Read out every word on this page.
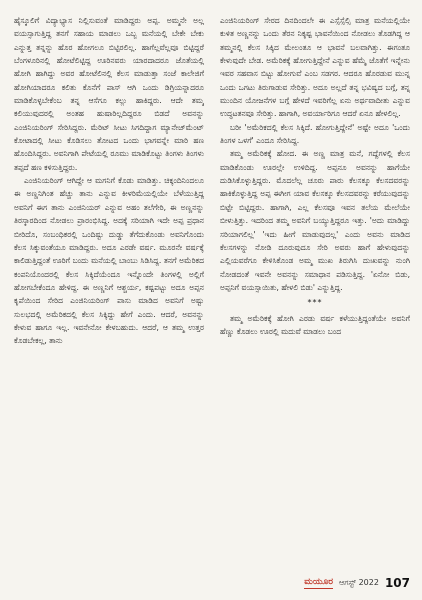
ಹೈಸ್ಕೂಲಿಗೆ ವಿದ್ಯಾಭ್ಯಾಸ ನಿಲ್ಲಿಸುವಂತೆ ಮಾಡಿದ್ದರು ಅಪ್ಪ. ಅಮ್ಮನೇ ಅಲ್ಲ ವಯಸ್ಸಾಗುತ್ತಿದ್ದ ತನಗೆ ಸಹಾಯ ಮಾಡಲು ಒಬ್ಬ ಮನೆಯಲ್ಲಿ ಬೇಕೇ ಬೇಕು ಎನ್ನುತ್ತ ತನ್ನನ್ನು ಹೊರ ಹೋಗಲೂ ಬಿಟ್ಟಿರಲಿಲ್ಲ. ಹಾಗೆಲ್ಲವೆಲ್ಲವೂ ಬಿಟ್ಟಿದ್ದರೆ ಬೆಂಗಳೂರಿನಲ್ಲಿ ಹೋಟೆಲಿಟ್ಟಿದ್ದ ಊರಿನವರು ಯಾರದಾದರೂ ಜೊತೆಯಲ್ಲಿ ಹೋಗಿ ಹಾಗಿದ್ದು ಅವರ ಹೋಟೆಲಿನಲ್ಲಿ ಕೆಲಸ ಮಾಡುತ್ತಾ ಸಂಜೆ ಕಾಲೇಜಿಗೆ ಹೋಗಿಯಾದರೂ ಕಲಿತು ಕೊನೆಗೆ ಪಾಸ್ ಆಗಿ ಒಂದು ಡಿಗ್ರಿಯನ್ನಾದರೂ ಮಾಡಿಕೊಳ್ಳಬೇಕೆಂಬ ತನ್ನ ಆಸೆಗೂ ಕಲ್ಲು ಹಾಕಿದ್ದರು. ಆದೇ ತಮ್ಮ ಕಲಿಯುವುದರಲ್ಲಿ ಅಂತಹ ಹುಷಾರಿಲ್ಲದಿದ್ದರೂ ಬಿಡದೆ ಅವನನ್ನು ಎಂಜಿನಿಯರಿಂಗ್ ಸೇರಿಸಿದ್ದರು. ಮೆರಿಟ್ ಸೀಟು ಸಿಗದಿದ್ದಾಗ ಮ್ಯಾನೇಜ್‌ಮೆಂಟ್ ಕೋಟಾದಲ್ಲಿ ಸೀಟು ಕೊಡಿಸಲು ತೋಟದ ಒಂದು ಭಾಗವನ್ನೇ ಮಾರಿ ಹಣ ಹೊಂದಿಸಿದ್ದರು. ಅವನಿಗಾಗಿ ಪೇಟೆಯಲ್ಲಿ ರೂಮು ಮಾಡಿಕೊಟ್ಟು ತಿಂಗಳು ತಿಂಗಳು ತಪ್ಪದೆ ಹಣ ಕಳಿಸುತ್ತಿದ್ದರು.

ಎಂಜಿನಿಯರಿಂಗ್ ಆಗಿದ್ದೇ ಆ ಮಗನಿಗೆ ಕೊಡು ಮಾಡಿತ್ತು. ಚಿಕ್ಕಂದಿನಿಂದಲೂ ಈ ಅಣ್ಣನಿಗಿಂತ ಹೆಚ್ಚು ತಾನು ಎನ್ನುವ ಕೀಳರಿಮೆಯಲ್ಲಿಯೇ ಬೆಳೆಯುತ್ತಿದ್ದ ಅವನಿಗೆ ಈಗ ತಾನು ಎಂಜಿನಿಯರ್ ಎನ್ನುವ ಅಹಂ ತಲೆಗೇರಿ, ಈ ಅಣ್ಣನನ್ನು ತಿರಸ್ಕಾರದಿಂದ ನೋಡಲು ಪ್ರಾರಂಭಿಸಿದ್ದ. ಅದಕ್ಕೆ ಸರಿಯಾಗಿ ಇದೇ ಅಪ್ಪ ಪ್ರಧಾನ ಬೀರಿದೊ, ಸಂಬಂಧಿಕರಲ್ಲಿ ಒಂದಿಷ್ಟು ದುಡ್ಡು ತೆಗೆದುಕೊಂಡು ಅವನಿಗೊಂದು ಕೆಲಸ ಸಿಕ್ಕುವಂತೆಯೂ ಮಾಡಿದ್ದರು. ಅದೂ ಎರಡೇ ವರ್ಷ. ಮೂರನೇ ವರ್ಷಕ್ಕೆ ಕಾಲಿಡುತ್ತಿದ್ದಂತೆ ಊರಿಗೆ ಬಂದು ಮನೆಯಲ್ಲಿ ಬಾಂಬು ಸಿಡಿಸಿದ್ದ. ತನಗೆ ಅಮೆರಿಕದ ಕಂಪನಿಯೊಂದರಲ್ಲಿ ಕೆಲಸ ಸಿಕ್ಕಿದೆಯೆಂದೂ ಇನ್ನೊಂದೇ ತಿಂಗಳಲ್ಲಿ ಅಲ್ಲಿಗೆ ಹೋಗಬೇಕೆಂದೂ ಹೇಳಿದ್ದ. ಈ ಅಣ್ಣನಿಗೆ ಆಶ್ಚರ್ಯ, ಕಷ್ಟಪಟ್ಟು ಅದೂ ಅಪ್ಪನ ಕೃಪೆಯಿಂದ ಸೇರಿದ ಎಂಜಿನಿಯರಿಂಗ್ ಪಾಸು ಮಾಡಿದ ಅವನಿಗೆ ಅಷ್ಟು ಸುಲಭದಲ್ಲಿ ಅಮೆರಿಕದಲ್ಲಿ ಕೆಲಸ ಸಿಕ್ಕಿದ್ದು ಹೇಗೆ ಎಂದು. ಆದರೆ, ಅವನನ್ನು ಕೇಳುವ ಹಾಗೂ ಇಲ್ಲ. ಇವನೇನೋ ಕೇಳಬಹುದು. ಆದರೆ, ಆ ತಮ್ಮ ಉತ್ತರ ಕೊಡಬೇಕಲ್ಲ, ತಾನು

ಎಂಜಿನಿಯರಿಂಗ್ ಸೇರದ ದಿನದಿಂದಲೇ ಈ ಎಸ್ಸೆಸ್ಸೆಲ್ಸಿ ಮಾತ್ರ ಮನೆಯಲ್ಲಿಯೇ ಕುಳಿತ ಅಣ್ಣನನ್ನು ಒಂದು ತೆರನ ನಿಕೃಷ್ಟ ಭಾವನೆಯಿಂದ ನೋಡಲು ತೊಡಗಿದ್ದ ಆ ತಮ್ಮನಲ್ಲಿ ಕೆಲಸ ಸಿಕ್ಕಿದ ಮೇಲಂತೂ ಆ ಭಾವನೆ ಬಲವಾಗಿತ್ತು. ಈಗಂತೂ ಕೇಳುವುದೇ ಬೇಡ. ಅಮೆರಿಕಕ್ಕೆ ಹೋಗುತ್ತಿದ್ದೇನೆ ಎನ್ನುವ ಹೆಮ್ಮೆ ಜೊತೆಗೆ ಇನ್ನೇನು ಇವರ ಸಹವಾಸ ಬಿಟ್ಟು ಹೋಗುವೆ ಎಂಬ ಸಡಗರ. ಆದರೂ ಹೊರಡುವ ಮುನ್ನ ಒಂದು ಒಗಟು ತಿರುಗಾಡುವ ಸೇರಿತ್ತು. ಅದೂ ಅಲ್ಲದೆ ತನ್ನ ಭವಿಷ್ಯದ ಬಗ್ಗೆ, ತನ್ನ ಮುಂದಿನ ಯೋಜನೆಗಳ ಬಗ್ಗೆ ಹೇಳದೆ ಇವರಿಗೆಲ್ಲ ಏನು ಅರ್ಥವಾದೀತು ಎನ್ನುವ ಉದ್ಧಟತನವೂ ಸೇರಿತ್ತು. ಹಾಗಾಗಿ, ಅವರ್ಯಾರಿಗೂ ಆದರೆ ಏನೂ ಹೇಳಲಿಲ್ಲ.

ಬರೀ 'ಅಮೆರಿಕದಲ್ಲಿ ಕೆಲಸ ಸಿಕ್ಕಿದೆ. ಹೋಗುತ್ತಿದ್ದೇನೆ' ಅಷ್ಟೇ ಅದೂ 'ಒಂದು ತಿಂಗಳ ಒಳಗೆ' ಎಂದೂ ಸೇರಿಸಿದ್ದ.

ತಮ್ಮ ಅಮೆರಿಕಕ್ಕೆ ಹೋದ. ಈ ಅಣ್ಣ ಮಾತ್ರ ಮನೆ, ಗದ್ದೆಗಳಲ್ಲಿ ಕೆಲಸ ಮಾಡಿಕೊಂಡು ಊರಲ್ಲೇ ಉಳಿದಿದ್ದ. ಅಪ್ಪನೂ ಅವನನ್ನು ಹಾಗೆಯೇ ದುಡಿಸಿಕೊಳ್ಳುತ್ತಿದ್ದರು. ಮೊದಲೆಲ್ಲ ಚೂರು ಪಾರು ಕೆಲಸಕ್ಕೂ ಕೆಲಸದವರನ್ನು ಹಾಕಿಕೊಳ್ಳುತ್ತಿದ್ದ ಅಪ್ಪ ಈಗೀಗ ಯಾವ ಕೆಲಸಕ್ಕೂ ಕೆಲಸದವರನ್ನು ಕರೆಯುವುದನ್ನು ಬಿಟ್ಟೇ ಬಿಟ್ಟಿದ್ದರು. ಹಾಗಾಗಿ, ಎಲ್ಲ ಕೆಲಸವೂ ಇವನ ತಲೆಯ ಮೇಲೆಯೇ ಬೀಳುತ್ತಿತ್ತು. ಇದರಿಂದ ತಮ್ಮ ಅವನಿಗೆ ಬಯ್ಯುತ್ತಿದ್ದರೂ ಇತ್ತು. 'ಅದು ಮಾಡಿದ್ದು ಸರಿಯಾಗಲಿಲ್ಲ' 'ಇದು ಹೀಗೆ ಮಾಡುವುದಲ್ಲ' ಎಂದು ಅವನು ಮಾಡಿದ ಕೆಲಸಗಳನ್ನು ನೋಡಿ ದೂರುವುದೂ ಸೇರಿ ಅವರು ಹಾಗೆ ಹೇಳುವುದನ್ನು ಎಲ್ಲಿಯವರೆಗೂ ಕೇಳಿಸಿಕೊಂಡ ಅಮ್ಮ ಮುಖ ತಿರುಗಿಸಿ ದುಃಖವನ್ನು ನುಂಗಿ ನೋಡದಂತೆ ಇವನೇ ಅವನನ್ನು ಸಮಾಧಾನ ಪಡಿಸುತ್ತಿದ್ದ. 'ಏನೋ ಬಿಡು, ಅಪ್ಪನಿಗೆ ವಯಸ್ಸಾಯಿತು, ಹೇಳಲಿ ಬಿಡು' ಎನ್ನುತ್ತಿದ್ದ.

***

ತಮ್ಮ ಅಮೆರಿಕಕ್ಕೆ ಹೋಗಿ ಎರಡು ವರ್ಷ ಕಳೆಯುತ್ತಿದ್ದಂತೆಯೇ ಅವನಿಗೆ ಹೆಣ್ಣು ಕೊಡಲು ಊರಲ್ಲಿ ಮದುವೆ ಮಾಡಲು ಬಂದ

ಮಯೂರ ಆಗಸ್ಟ್ 2022 107
